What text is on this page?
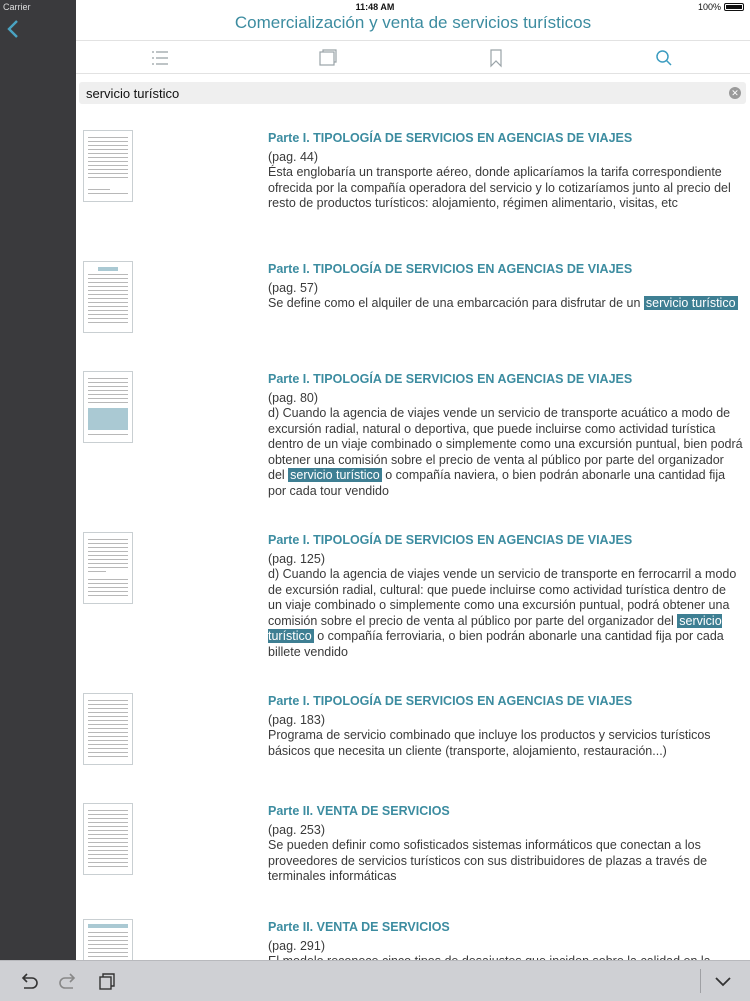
Carrier	11:48 AM	100%
Comercialización y venta de servicios turísticos
servicio turístico
✕
Parte I. TIPOLOGÍA DE SERVICIOS EN AGENCIAS DE VIAJES
(pag. 44)
Ésta englobaría un transporte aéreo, donde aplicaríamos la tarifa correspondiente ofrecida por la compañía operadora del servicio y lo cotizaríamos junto al precio del resto de productos turísticos: alojamiento, régimen alimentario, visitas, etc
Parte I. TIPOLOGÍA DE SERVICIOS EN AGENCIAS DE VIAJES
(pag. 57)
Se define como el alquiler de una embarcación para disfrutar de un servicio turístico
Parte I. TIPOLOGÍA DE SERVICIOS EN AGENCIAS DE VIAJES
(pag. 80)
d) Cuando la agencia de viajes vende un servicio de transporte acuático a modo de excursión radial, natural o deportiva, que puede incluirse como actividad turística dentro de un viaje combinado o simplemente como una excursión puntual, bien podrá obtener una comisión sobre el precio de venta al público por parte del organizador del servicio turístico o compañía naviera, o bien podrán abonarle una cantidad fija por cada tour vendido
Parte I. TIPOLOGÍA DE SERVICIOS EN AGENCIAS DE VIAJES
(pag. 125)
d) Cuando la agencia de viajes vende un servicio de transporte en ferrocarril a modo de excursión radial, cultural: que puede incluirse como actividad turística dentro de un viaje combinado o simplemente como una excursión puntual, podrá obtener una comisión sobre el precio de venta al público por parte del organizador del servicio turístico o compañía ferroviaria, o bien podrán abonarle una cantidad fija por cada billete vendido
Parte I. TIPOLOGÍA DE SERVICIOS EN AGENCIAS DE VIAJES
(pag. 183)
Programa de servicio combinado que incluye los productos y servicios turísticos básicos que necesita un cliente (transporte, alojamiento, restauración...)
Parte II. VENTA DE SERVICIOS
(pag. 253)
Se pueden definir como sofisticados sistemas informáticos que conectan a los proveedores de servicios turísticos con sus distribuidores de plazas a través de terminales informáticas
Parte II. VENTA DE SERVICIOS
(pag. 291)
